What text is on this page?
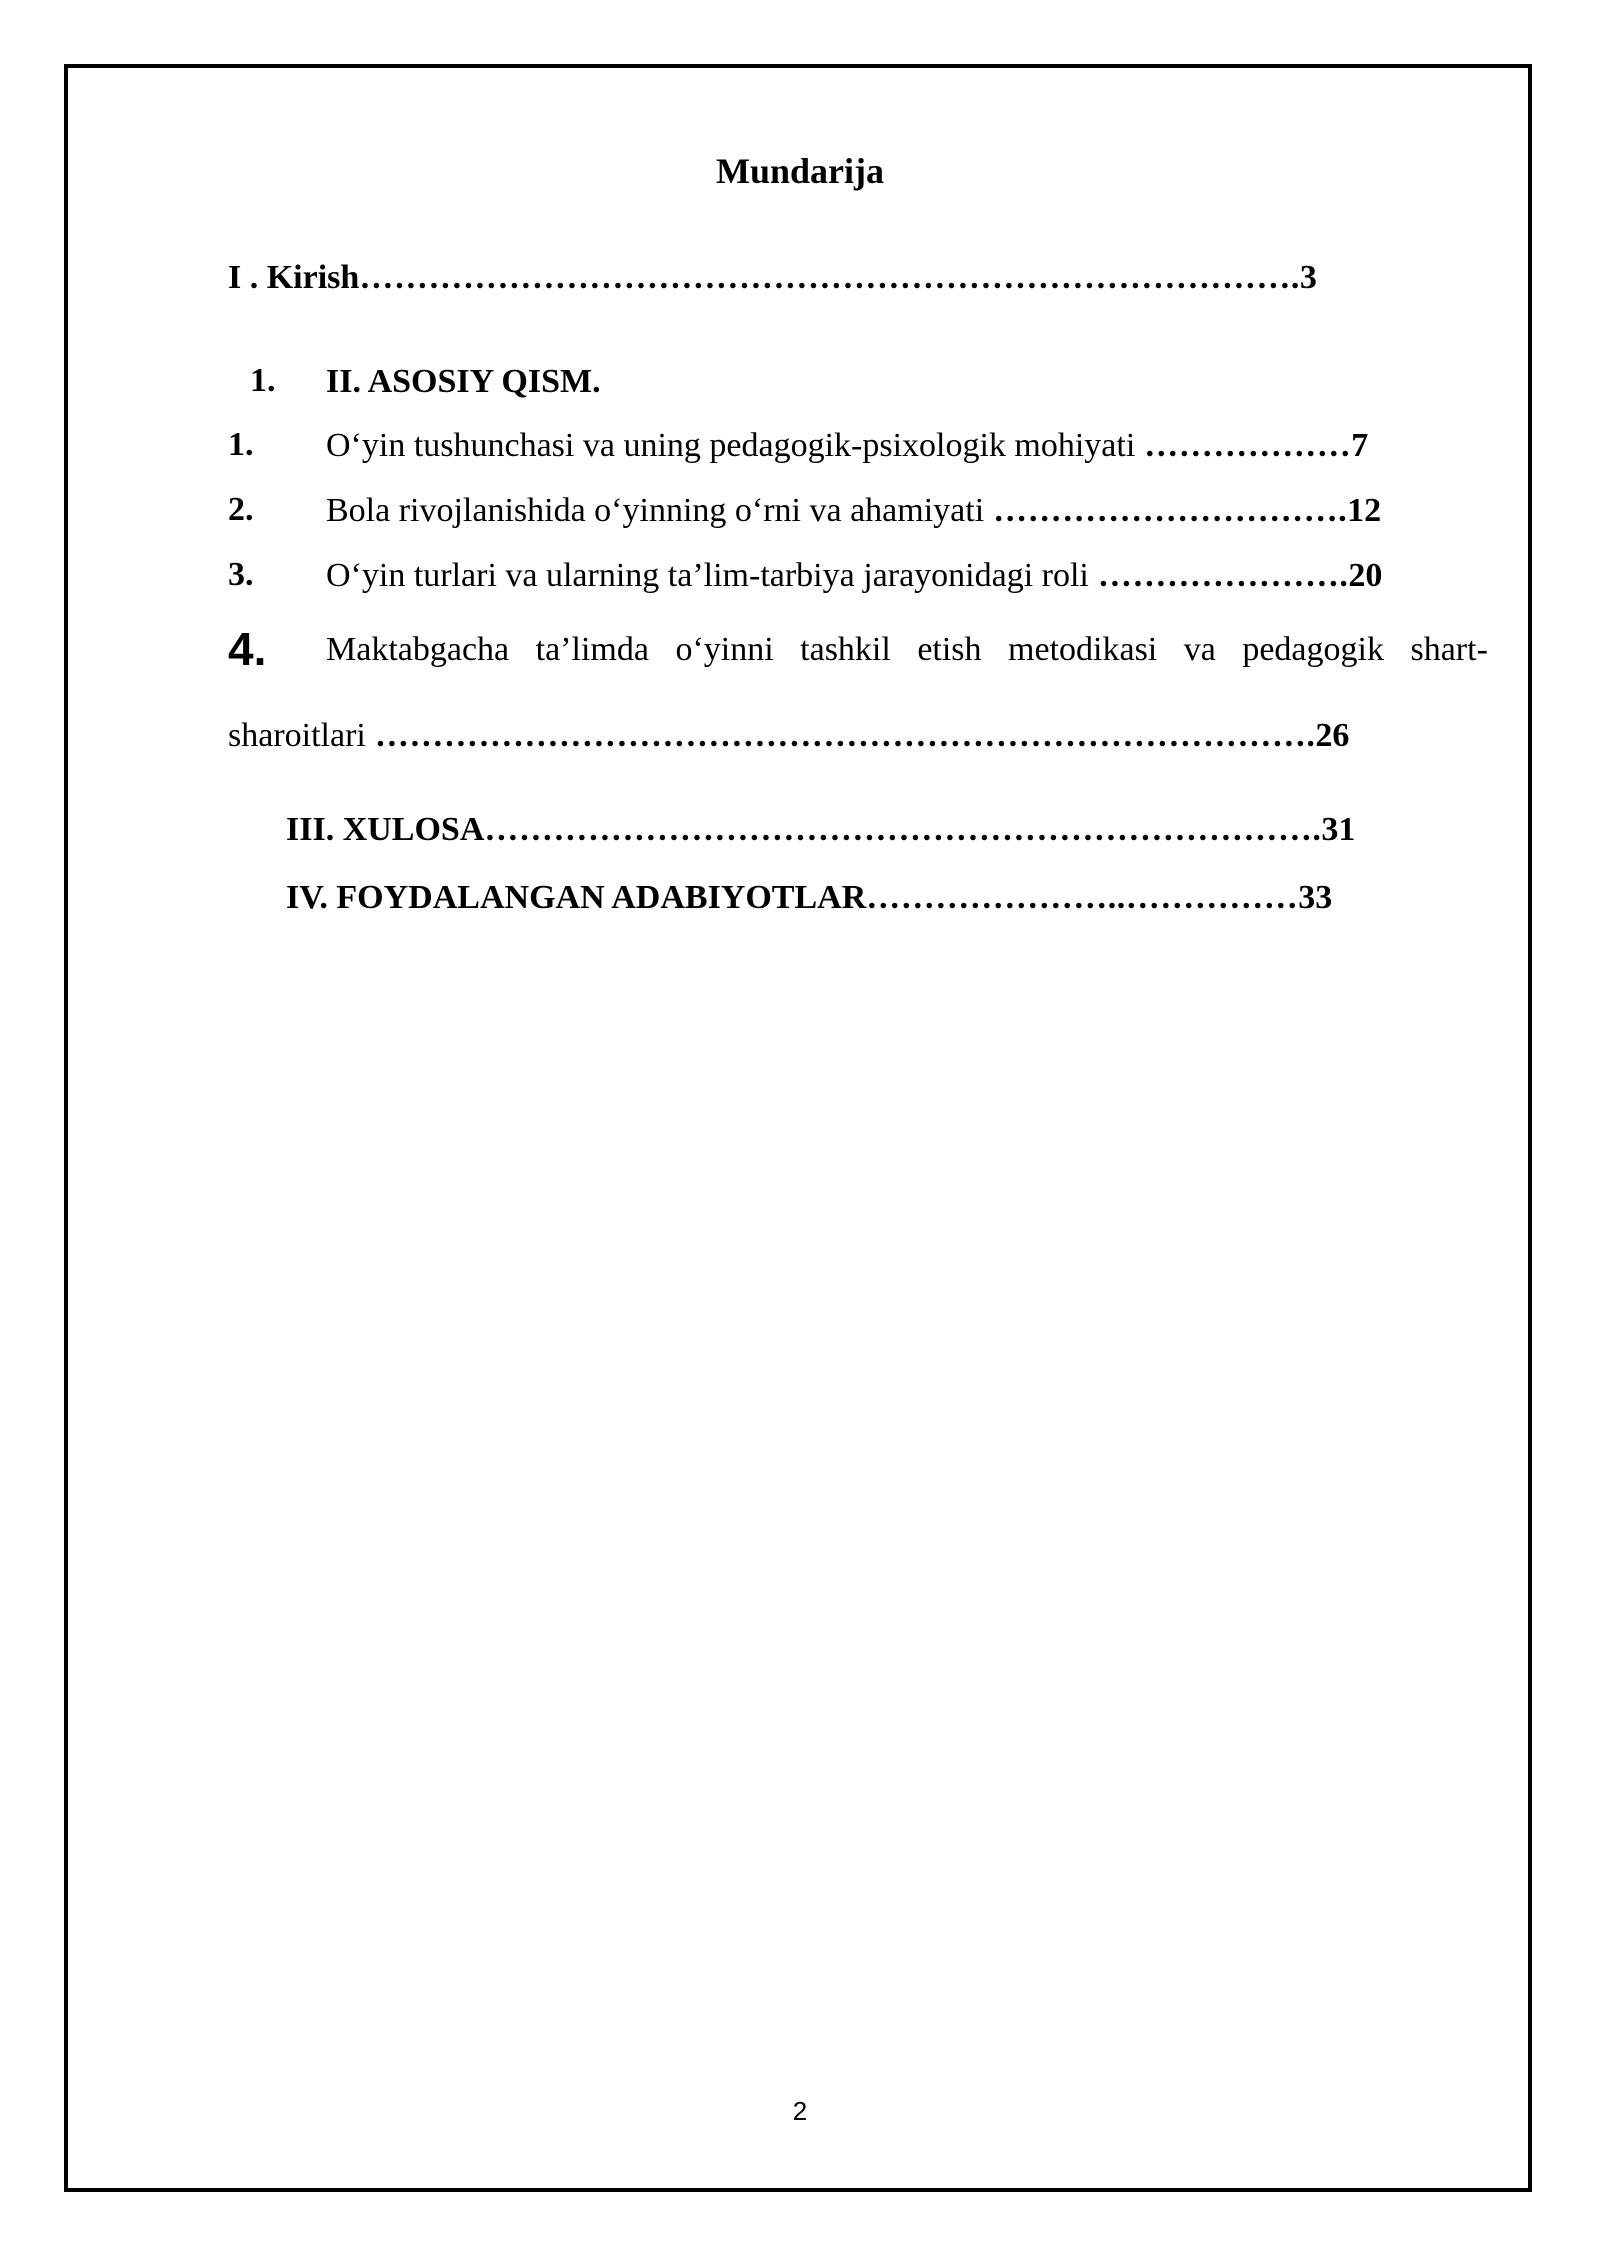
Mundarija
I . Kirish……………………………………………………………………….3
1. II. ASOSIY QISM.
1. O‘yin tushunchasi va uning pedagogik-psixologik mohiyati ………………7
2. Bola rivojlanishida o‘yinning o‘rni va ahamiyati ………………………….12
3. O‘yin turlari va ularning ta’lim-tarbiya jarayonidagi roli ………………….20
4. Maktabgacha ta’limda o‘yinni tashkil etish metodikasi va pedagogik shart-
sharoitlari ……………………………………………………………………….26
III. XULOSA……………………………………………………………….31
IV. FOYDALANGAN ADABIYOTLAR…………………..……………33
2
